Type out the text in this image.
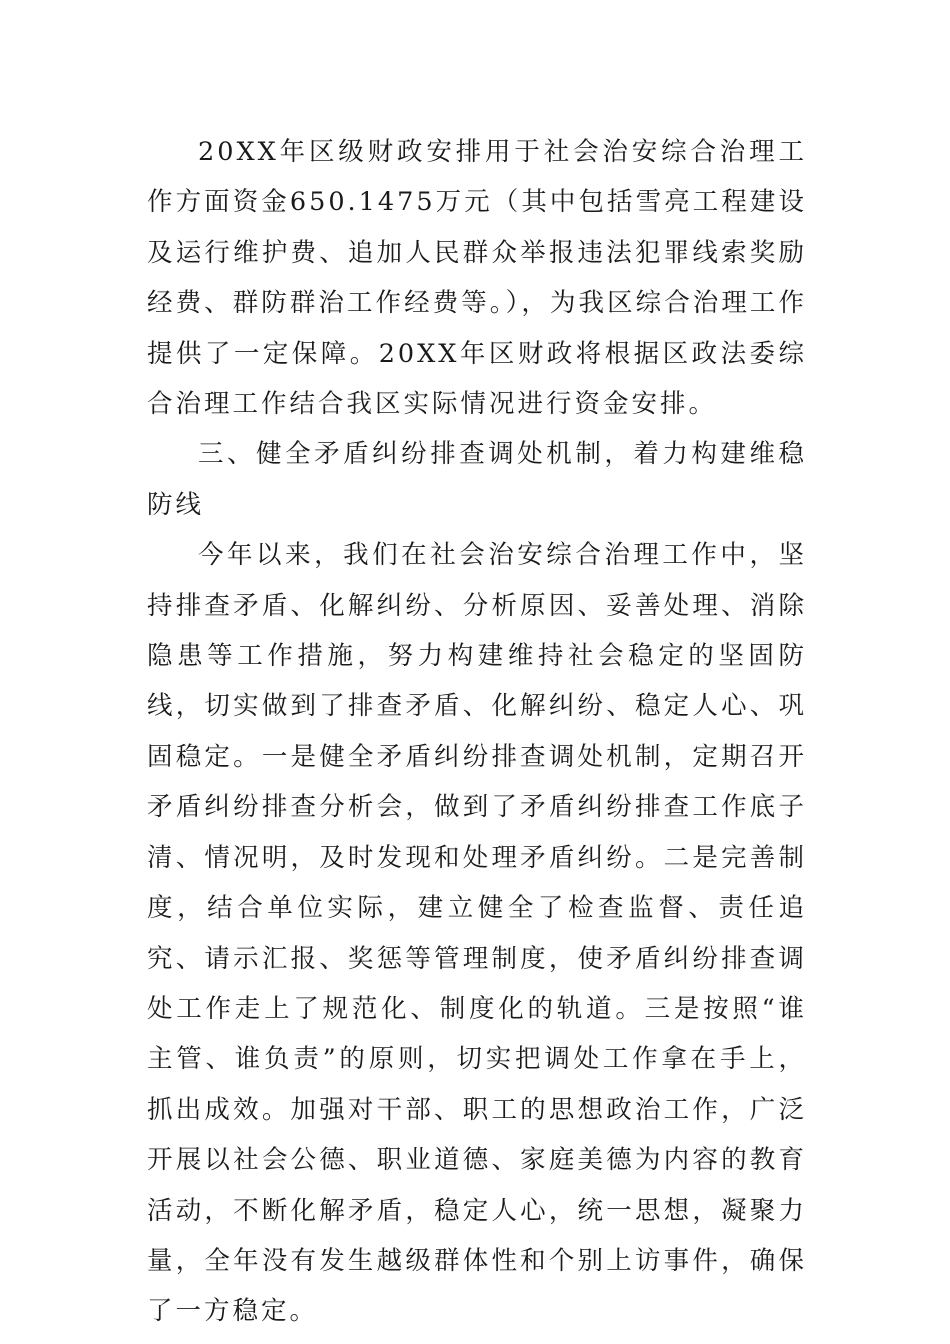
20XX年区级财政安排用于社会治安综合治理工作方面资金650.1475万元（其中包括雪亮工程建设及运行维护费、追加人民群众举报违法犯罪线索奖励经费、群防群治工作经费等。），为我区综合治理工作提供了一定保障。20XX年区财政将根据区政法委综合治理工作结合我区实际情况进行资金安排。

三、健全矛盾纠纷排查调处机制，着力构建维稳防线

今年以来，我们在社会治安综合治理工作中，坚持排查矛盾、化解纠纷、分析原因、妥善处理、消除隐患等工作措施，努力构建维持社会稳定的坚固防线，切实做到了排查矛盾、化解纠纷、稳定人心、巩固稳定。一是健全矛盾纠纷排查调处机制，定期召开矛盾纠纷排查分析会，做到了矛盾纠纷排查工作底子清、情况明，及时发现和处理矛盾纠纷。二是完善制度，结合单位实际，建立健全了检查监督、责任追究、请示汇报、奖惩等管理制度，使矛盾纠纷排查调处工作走上了规范化、制度化的轨道。三是按照“谁主管、谁负责”的原则，切实把调处工作拿在手上，抓出成效。加强对干部、职工的思想政治工作，广泛开展以社会公德、职业道德、家庭美德为内容的教育活动，不断化解矛盾，稳定人心，统一思想，凝聚力量，全年没有发生越级群体性和个别上访事件，确保了一方稳定。
